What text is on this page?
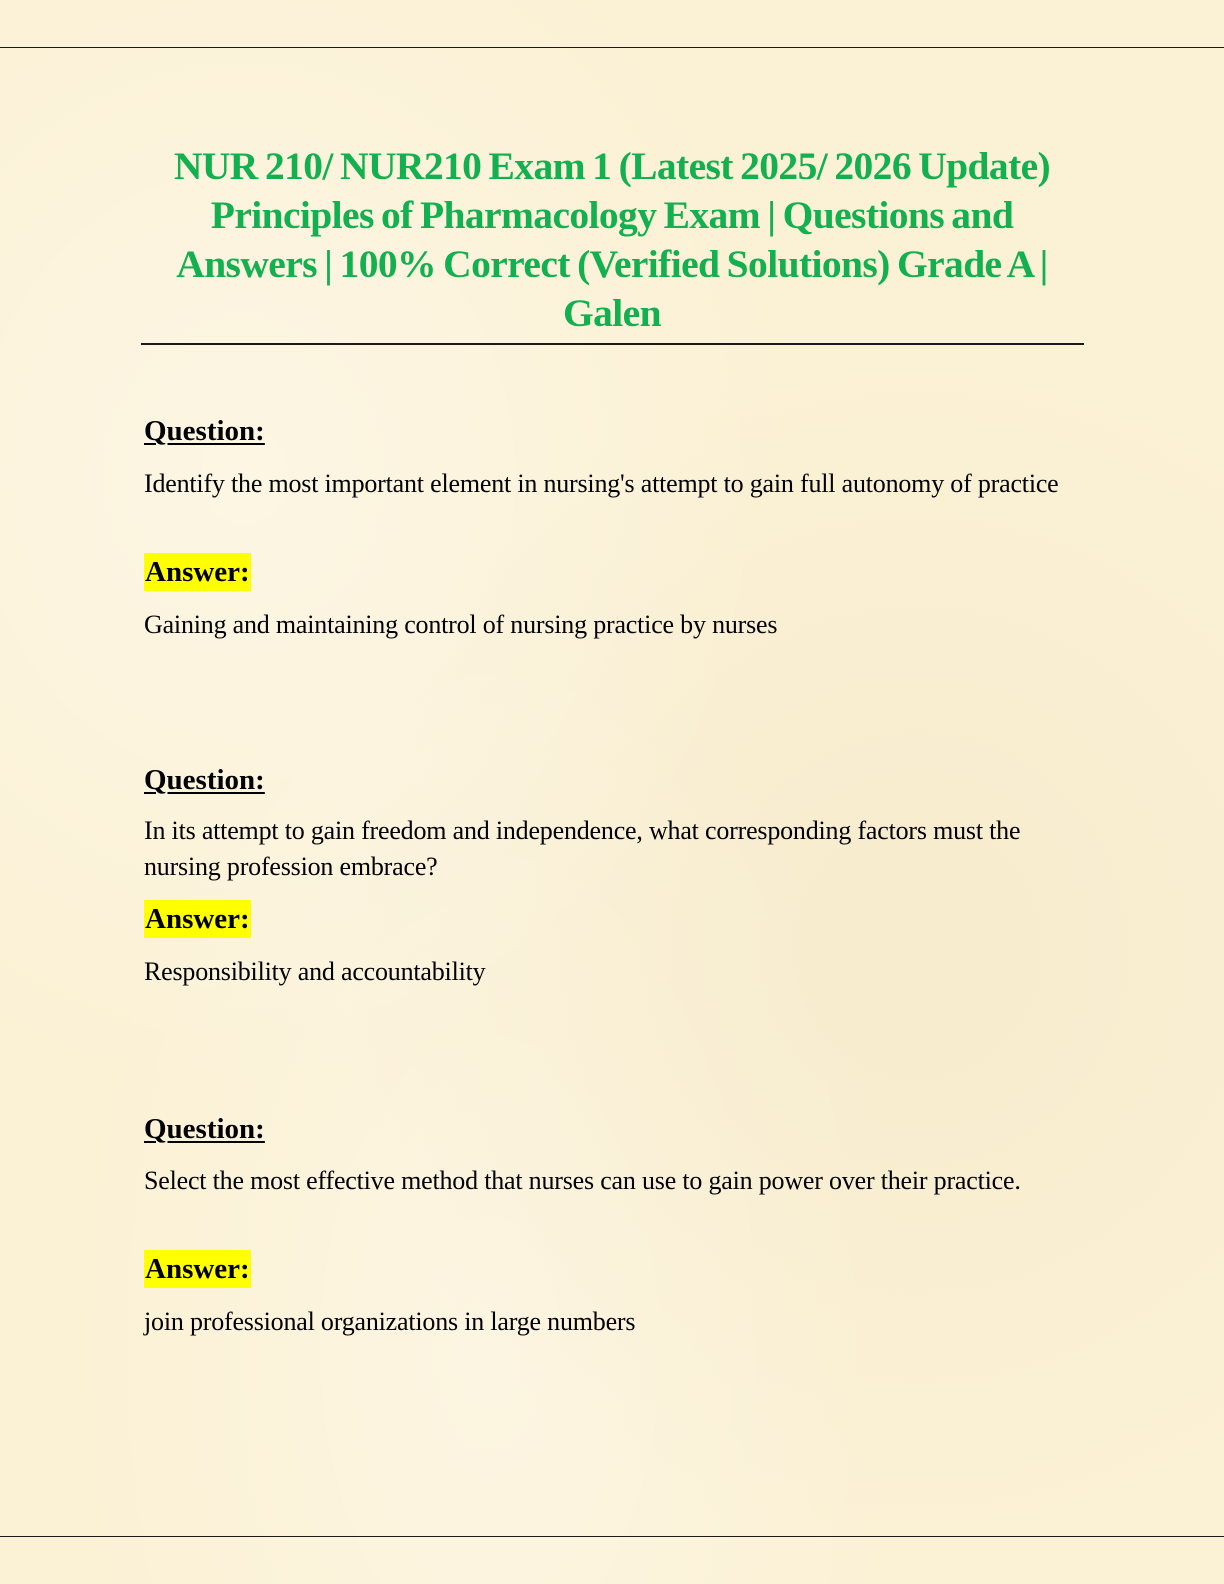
NUR 210/ NUR210 Exam 1 (Latest 2025/ 2026 Update) Principles of Pharmacology Exam | Questions and Answers | 100% Correct (Verified Solutions) Grade A | Galen

Question:

Identify the most important element in nursing's attempt to gain full autonomy of practice

Answer:

Gaining and maintaining control of nursing practice by nurses

Question:

In its attempt to gain freedom and independence, what corresponding factors must the nursing profession embrace?

Answer:

Responsibility and accountability

Question:

Select the most effective method that nurses can use to gain power over their practice.

Answer:

join professional organizations in large numbers
